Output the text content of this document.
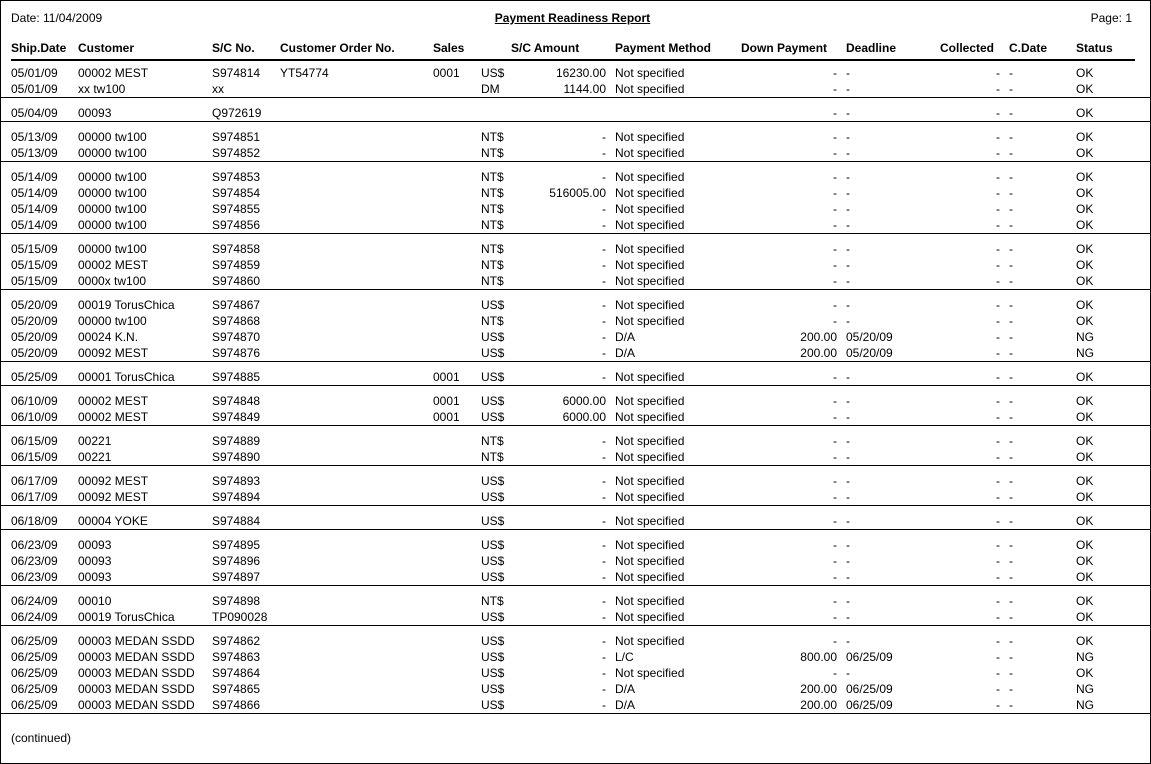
Date: 11/04/2009	Payment Readiness Report	Page: 1
Ship.Date Customer	S/C No. Customer Order No.	Sales	S/C Amount	Payment Method Down Payment Deadline	Collected C.Date Status
05/01/09 00002 MEST	S974814 YT54774	0001 US$	16230.00 Not specified	- -	- -	OK
05/01/09 xx tw100	xx	DM	1144.00 Not specified	- -	- -	OK
05/04/09 00093	Q972619	- -	- -	OK
05/13/09 00000 tw100	S974851	NT$	- Not specified	- -	- -	OK
05/13/09 00000 tw100	S974852	NT$	- Not specified	- -	- -	OK
05/14/09 00000 tw100	S974853	NT$	- Not specified	- -	- -	OK
05/14/09 00000 tw100	S974854	NT$	516005.00 Not specified	- -	- -	OK
05/14/09 00000 tw100	S974855	NT$	- Not specified	- -	- -	OK
05/14/09 00000 tw100	S974856	NT$	- Not specified	- -	- -	OK
05/15/09 00000 tw100	S974858	NT$	- Not specified	- -	- -	OK
05/15/09 00002 MEST	S974859	NT$	- Not specified	- -	- -	OK
05/15/09 0000x tw100	S974860	NT$	- Not specified	- -	- -	OK
05/20/09 00019 TorusChica	S974867	US$	- Not specified	- -	- -	OK
05/20/09 00000 tw100	S974868	NT$	- Not specified	- -	- -	OK
05/20/09 00024 K.N.	S974870	US$	- D/A	200.00 05/20/09	- -	NG
05/20/09 00092 MEST	S974876	US$	- D/A	200.00 05/20/09	- -	NG
05/25/09 00001 TorusChica	S974885	0001 US$	- Not specified	- -	- -	OK
06/10/09 00002 MEST	S974848	0001 US$	6000.00 Not specified	- -	- -	OK
06/10/09 00002 MEST	S974849	0001 US$	6000.00 Not specified	- -	- -	OK
06/15/09 00221	S974889	NT$	- Not specified	- -	- -	OK
06/15/09 00221	S974890	NT$	- Not specified	- -	- -	OK
06/17/09 00092 MEST	S974893	US$	- Not specified	- -	- -	OK
06/17/09 00092 MEST	S974894	US$	- Not specified	- -	- -	OK
06/18/09 00004 YOKE	S974884	US$	- Not specified	- -	- -	OK
06/23/09 00093	S974895	US$	- Not specified	- -	- -	OK
06/23/09 00093	S974896	US$	- Not specified	- -	- -	OK
06/23/09 00093	S974897	US$	- Not specified	- -	- -	OK
06/24/09 00010	S974898	NT$	- Not specified	- -	- -	OK
06/24/09 00019 TorusChica	TP090028	US$	- Not specified	- -	- -	OK
06/25/09 00003 MEDAN SSDD S974862	US$	- Not specified	- -	- -	OK
06/25/09 00003 MEDAN SSDD S974863	US$	- L/C	800.00 06/25/09	- -	NG
06/25/09 00003 MEDAN SSDD S974864	US$	- Not specified	- -	- -	OK
06/25/09 00003 MEDAN SSDD S974865	US$	- D/A	200.00 06/25/09	- -	NG
06/25/09 00003 MEDAN SSDD S974866	US$	- D/A	200.00 06/25/09	- -	NG
(continued)
